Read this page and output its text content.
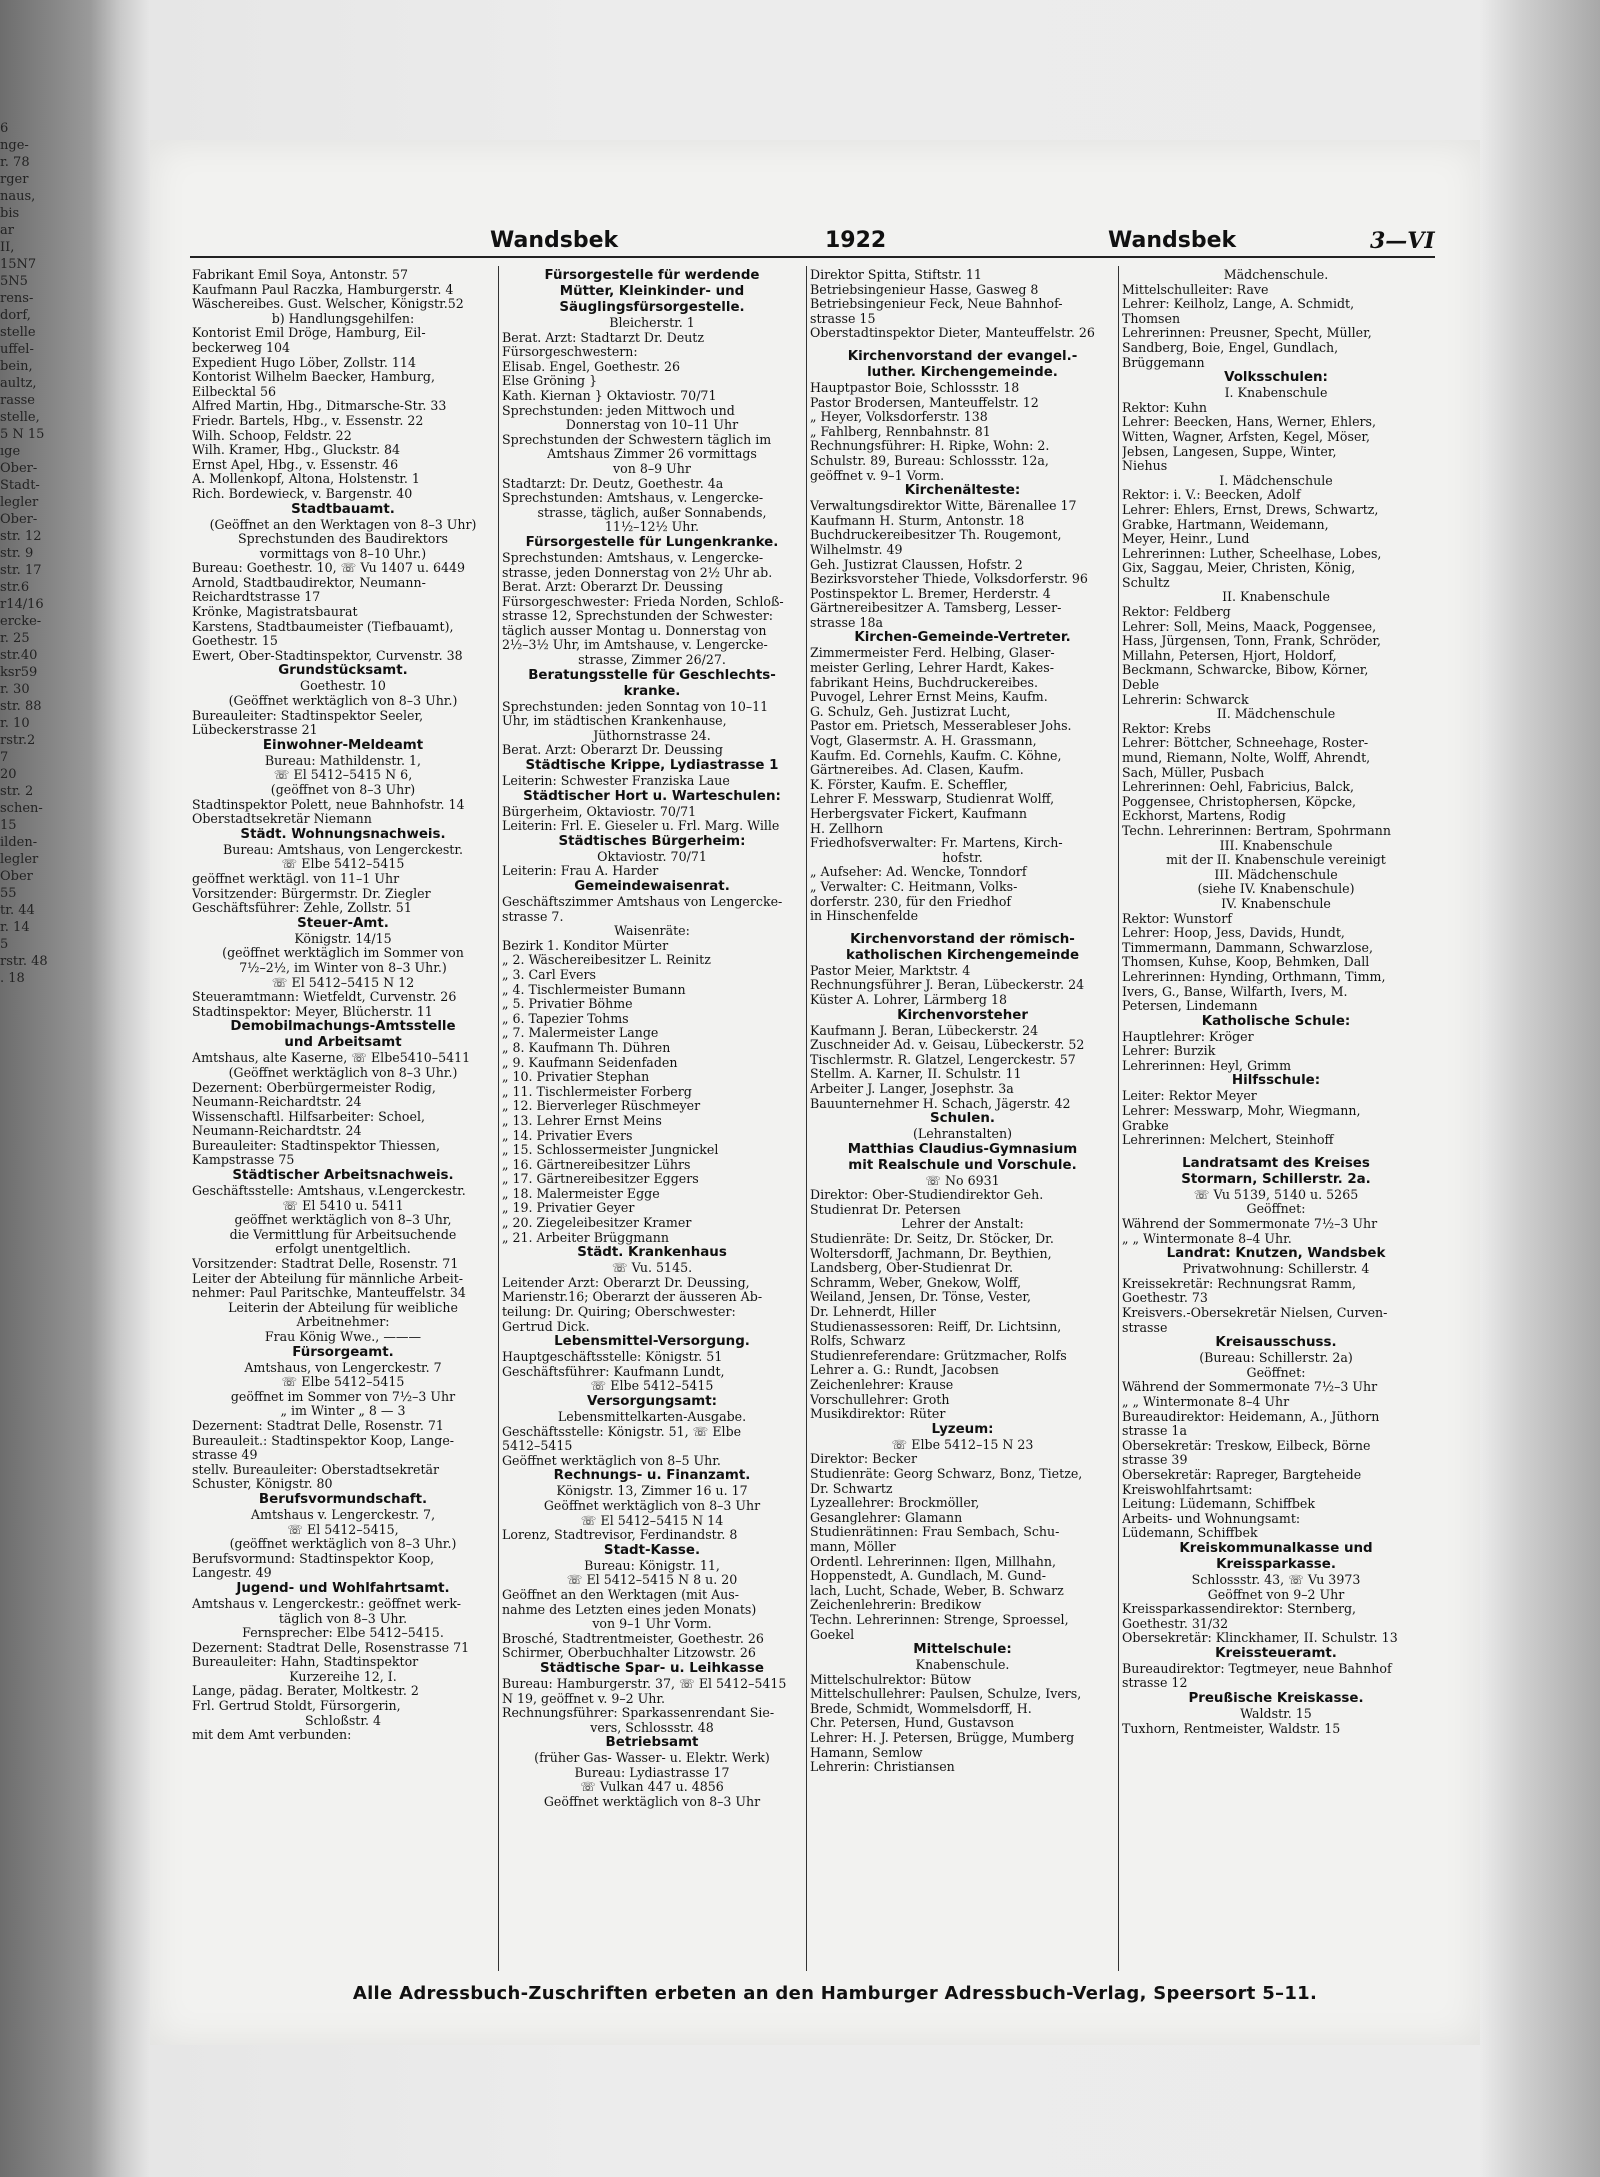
6
nge-
r. 78
rger
naus,
bis
ar
II,
15N7
5N5
rens-
dorf,
stelle
uffel-
bein,
aultz,
rasse
stelle,
5 N 15
ıge
Ober-
Stadt-
legler
Ober-
str. 12
str. 9
str. 17
str.6
r14/16
ercke-
r. 25
str.40
ksr59
r. 30
str. 88
r. 10
rstr.2
7
20
str. 2
schen-
15
ilden-
legler
Ober
55
tr. 44
r. 14
5
rstr. 48
. 18
Wandsbek	1922	Wandsbek	3—VI
Fabrikant Emil Soya, Antonstr. 57
Kaufmann Paul Raczka, Hamburgerstr. 4
Wäschereibes. Gust. Welscher, Königstr.52
b) Handlungsgehilfen:
Kontorist Emil Dröge, Hamburg, Eil-
beckerweg 104
Expedient Hugo Löber, Zollstr. 114
Kontorist Wilhelm Baecker, Hamburg,
Eilbecktal 56
Alfred Martin, Hbg., Ditmarsche-Str. 33
Friedr. Bartels, Hbg., v. Essenstr. 22
Wilh. Schoop, Feldstr. 22
Wilh. Kramer, Hbg., Gluckstr. 84
Ernst Apel, Hbg., v. Essenstr. 46
A. Mollenkopf, Altona, Holstenstr. 1
Rich. Bordewieck, v. Bargenstr. 40
Stadtbauamt.
(Geöffnet an den Werktagen von 8–3 Uhr)
Sprechstunden des Baudirektors
vormittags von 8–10 Uhr.)
Bureau: Goethestr. 10, ☏ Vu 1407 u. 6449
Arnold, Stadtbaudirektor, Neumann-
Reichardtstrasse 17
Krönke, Magistratsbaurat
Karstens, Stadtbaumeister (Tiefbauamt),
Goethestr. 15
Ewert, Ober-Stadtinspektor, Curvenstr. 38
Grundstücksamt.
Goethestr. 10
(Geöffnet werktäglich von 8–3 Uhr.)
Bureauleiter: Stadtinspektor Seeler,
Lübeckerstrasse 21
Einwohner-Meldeamt
Bureau: Mathildenstr. 1,
☏ El 5412–5415 N 6,
(geöffnet von 8–3 Uhr)
Stadtinspektor Polett, neue Bahnhofstr. 14
Oberstadtsekretär Niemann
Städt. Wohnungsnachweis.
Bureau: Amtshaus, von Lengerckestr.
☏ Elbe 5412–5415
geöffnet werktägl. von 11–1 Uhr
Vorsitzender: Bürgermstr. Dr. Ziegler
Geschäftsführer: Zehle, Zollstr. 51
Steuer-Amt.
Königstr. 14/15
(geöffnet werktäglich im Sommer von
7½–2½, im Winter von 8–3 Uhr.)
☏ El 5412–5415 N 12
Steueramtmann: Wietfeldt, Curvenstr. 26
Stadtinspektor: Meyer, Blücherstr. 11
Demobilmachungs-Amtsstelle
und Arbeitsamt
Amtshaus, alte Kaserne, ☏ Elbe5410–5411
(Geöffnet werktäglich von 8–3 Uhr.)
Dezernent: Oberbürgermeister Rodig,
Neumann-Reichardtstr. 24
Wissenschaftl. Hilfsarbeiter: Schoel,
Neumann-Reichardtstr. 24
Bureauleiter: Stadtinspektor Thiessen,
Kampstrasse 75
Städtischer Arbeitsnachweis.
Geschäftsstelle: Amtshaus, v.Lengerckestr.
☏ El 5410 u. 5411
geöffnet werktäglich von 8–3 Uhr,
die Vermittlung für Arbeitsuchende
erfolgt unentgeltlich.
Vorsitzender: Stadtrat Delle, Rosenstr. 71
Leiter der Abteilung für männliche Arbeit-
nehmer: Paul Paritschke, Manteuffelstr. 34
Leiterin der Abteilung für weibliche
Arbeitnehmer:
Frau König Wwe., ———
Fürsorgeamt.
Amtshaus, von Lengerckestr. 7
☏ Elbe 5412–5415
geöffnet im Sommer von 7½–3 Uhr
„ im Winter „ 8 — 3
Dezernent: Stadtrat Delle, Rosenstr. 71
Bureauleit.: Stadtinspektor Koop, Lange-
strasse 49
stellv. Bureauleiter: Oberstadtsekretär
Schuster, Königstr. 80
Berufsvormundschaft.
Amtshaus v. Lengerckestr. 7,
☏ El 5412–5415,
(geöffnet werktäglich von 8–3 Uhr.)
Berufsvormund: Stadtinspektor Koop,
Langestr. 49
Jugend- und Wohlfahrtsamt.
Amtshaus v. Lengerckestr.: geöffnet werk-
täglich von 8–3 Uhr.
Fernsprecher: Elbe 5412–5415.
Dezernent: Stadtrat Delle, Rosenstrasse 71
Bureauleiter: Hahn, Stadtinspektor
Kurzereihe 12, I.
Lange, pädag. Berater, Moltkestr. 2
Frl. Gertrud Stoldt, Fürsorgerin,
Schloßstr. 4
mit dem Amt verbunden:
Fürsorgestelle für werdende
Mütter, Kleinkinder- und
Säuglingsfürsorgestelle.
Bleicherstr. 1
Berat. Arzt: Stadtarzt Dr. Deutz
Fürsorgeschwestern:
Elisab. Engel, Goethestr. 26
Else Gröning }
Kath. Kiernan } Oktaviostr. 70/71
Sprechstunden: jeden Mittwoch und
Donnerstag von 10–11 Uhr
Sprechstunden der Schwestern täglich im
Amtshaus Zimmer 26 vormittags
von 8–9 Uhr
Stadtarzt: Dr. Deutz, Goethestr. 4a
Sprechstunden: Amtshaus, v. Lengercke-
strasse, täglich, außer Sonnabends,
11½–12½ Uhr.
Fürsorgestelle für Lungenkranke.
Sprechstunden: Amtshaus, v. Lengercke-
strasse, jeden Donnerstag von 2½ Uhr ab.
Berat. Arzt: Oberarzt Dr. Deussing
Fürsorgeschwester: Frieda Norden, Schloß-
strasse 12, Sprechstunden der Schwester:
täglich ausser Montag u. Donnerstag von
2½–3½ Uhr, im Amtshause, v. Lengercke-
strasse, Zimmer 26/27.
Beratungsstelle für Geschlechts-
kranke.
Sprechstunden: jeden Sonntag von 10–11
Uhr, im städtischen Krankenhause,
Jüthornstrasse 24.
Berat. Arzt: Oberarzt Dr. Deussing
Städtische Krippe, Lydiastrasse 1
Leiterin: Schwester Franziska Laue
Städtischer Hort u. Warteschulen:
Bürgerheim, Oktaviostr. 70/71
Leiterin: Frl. E. Gieseler u. Frl. Marg. Wille
Städtisches Bürgerheim:
Oktaviostr. 70/71
Leiterin: Frau A. Harder
Gemeindewaisenrat.
Geschäftszimmer Amtshaus von Lengercke-
strasse 7.
Waisenräte:
Bezirk 1. Konditor Mürter
„ 2. Wäschereibesitzer L. Reinitz
„ 3. Carl Evers
„ 4. Tischlermeister Bumann
„ 5. Privatier Böhme
„ 6. Tapezier Tohms
„ 7. Malermeister Lange
„ 8. Kaufmann Th. Dühren
„ 9. Kaufmann Seidenfaden
„ 10. Privatier Stephan
„ 11. Tischlermeister Forberg
„ 12. Bierverleger Rüschmeyer
„ 13. Lehrer Ernst Meins
„ 14. Privatier Evers
„ 15. Schlossermeister Jungnickel
„ 16. Gärtnereibesitzer Lührs
„ 17. Gärtnereibesitzer Eggers
„ 18. Malermeister Egge
„ 19. Privatier Geyer
„ 20. Ziegeleibesitzer Kramer
„ 21. Arbeiter Brüggmann
Städt. Krankenhaus
☏ Vu. 5145.
Leitender Arzt: Oberarzt Dr. Deussing,
Marienstr.16; Oberarzt der äusseren Ab-
teilung: Dr. Quiring; Oberschwester:
Gertrud Dick.
Lebensmittel-Versorgung.
Hauptgeschäftsstelle: Königstr. 51
Geschäftsführer: Kaufmann Lundt,
☏ Elbe 5412–5415
Versorgungsamt:
Lebensmittelkarten-Ausgabe.
Geschäftsstelle: Königstr. 51, ☏ Elbe
5412–5415
Geöffnet werktäglich von 8–5 Uhr.
Rechnungs- u. Finanzamt.
Königstr. 13, Zimmer 16 u. 17
Geöffnet werktäglich von 8–3 Uhr
☏ El 5412–5415 N 14
Lorenz, Stadtrevisor, Ferdinandstr. 8
Stadt-Kasse.
Bureau: Königstr. 11,
☏ El 5412–5415 N 8 u. 20
Geöffnet an den Werktagen (mit Aus-
nahme des Letzten eines jeden Monats)
von 9–1 Uhr Vorm.
Brosché, Stadtrentmeister, Goethestr. 26
Schirmer, Oberbuchhalter Litzowstr. 26
Städtische Spar- u. Leihkasse
Bureau: Hamburgerstr. 37, ☏ El 5412–5415
N 19, geöffnet v. 9–2 Uhr.
Rechnungsführer: Sparkassenrendant Sie-
vers, Schlossstr. 48
Betriebsamt
(früher Gas- Wasser- u. Elektr. Werk)
Bureau: Lydiastrasse 17
☏ Vulkan 447 u. 4856
Geöffnet werktäglich von 8–3 Uhr
Direktor Spitta, Stiftstr. 11
Betriebsingenieur Hasse, Gasweg 8
Betriebsingenieur Feck, Neue Bahnhof-
strasse 15
Oberstadtinspektor Dieter, Manteuffelstr. 26
Kirchenvorstand der evangel.-
luther. Kirchengemeinde.
Hauptpastor Boie, Schlossstr. 18
Pastor Brodersen, Manteuffelstr. 12
„ Heyer, Volksdorferstr. 138
„ Fahlberg, Rennbahnstr. 81
Rechnungsführer: H. Ripke, Wohn: 2.
Schulstr. 89, Bureau: Schlossstr. 12a,
geöffnet v. 9–1 Vorm.
Kirchenälteste:
Verwaltungsdirektor Witte, Bärenallee 17
Kaufmann H. Sturm, Antonstr. 18
Buchdruckereibesitzer Th. Rougemont,
Wilhelmstr. 49
Geh. Justizrat Claussen, Hofstr. 2
Bezirksvorsteher Thiede, Volksdorferstr. 96
Postinspektor L. Bremer, Herderstr. 4
Gärtnereibesitzer A. Tamsberg, Lesser-
strasse 18a
Kirchen-Gemeinde-Vertreter.
Zimmermeister Ferd. Helbing, Glaser-
meister Gerling, Lehrer Hardt, Kakes-
fabrikant Heins, Buchdruckereibes.
Puvogel, Lehrer Ernst Meins, Kaufm.
G. Schulz, Geh. Justizrat Lucht,
Pastor em. Prietsch, Messerableser Johs.
Vogt, Glasermstr. A. H. Grassmann,
Kaufm. Ed. Cornehls, Kaufm. C. Köhne,
Gärtnereibes. Ad. Clasen, Kaufm.
K. Förster, Kaufm. E. Scheffler,
Lehrer F. Messwarp, Studienrat Wolff,
Herbergsvater Fickert, Kaufmann
H. Zellhorn
Friedhofsverwalter: Fr. Martens, Kirch-
hofstr.
„ Aufseher: Ad. Wencke, Tonndorf
„ Verwalter: C. Heitmann, Volks-
dorferstr. 230, für den Friedhof
in Hinschenfelde
Kirchenvorstand der römisch-
katholischen Kirchengemeinde
Pastor Meier, Marktstr. 4
Rechnungsführer J. Beran, Lübeckerstr. 24
Küster A. Lohrer, Lärmberg 18
Kirchenvorsteher
Kaufmann J. Beran, Lübeckerstr. 24
Zuschneider Ad. v. Geisau, Lübeckerstr. 52
Tischlermstr. R. Glatzel, Lengerckestr. 57
Stellm. A. Karner, II. Schulstr. 11
Arbeiter J. Langer, Josephstr. 3a
Bauunternehmer H. Schach, Jägerstr. 42
Schulen.
(Lehranstalten)
Matthias Claudius-Gymnasium
mit Realschule und Vorschule.
☏ No 6931
Direktor: Ober-Studiendirektor Geh.
Studienrat Dr. Petersen
Lehrer der Anstalt:
Studienräte: Dr. Seitz, Dr. Stöcker, Dr.
Woltersdorff, Jachmann, Dr. Beythien,
Landsberg, Ober-Studienrat Dr.
Schramm, Weber, Gnekow, Wolff,
Weiland, Jensen, Dr. Tönse, Vester,
Dr. Lehnerdt, Hiller
Studienassessoren: Reiff, Dr. Lichtsinn,
Rolfs, Schwarz
Studienreferendare: Grützmacher, Rolfs
Lehrer a. G.: Rundt, Jacobsen
Zeichenlehrer: Krause
Vorschullehrer: Groth
Musikdirektor: Rüter
Lyzeum:
☏ Elbe 5412–15 N 23
Direktor: Becker
Studienräte: Georg Schwarz, Bonz, Tietze,
Dr. Schwartz
Lyzeallehrer: Brockmöller,
Gesanglehrer: Glamann
Studienrätinnen: Frau Sembach, Schu-
mann, Möller
Ordentl. Lehrerinnen: Ilgen, Millhahn,
Hoppenstedt, A. Gundlach, M. Gund-
lach, Lucht, Schade, Weber, B. Schwarz
Zeichenlehrerin: Bredikow
Techn. Lehrerinnen: Strenge, Sproessel,
Goekel
Mittelschule:
Knabenschule.
Mittelschulrektor: Bütow
Mittelschullehrer: Paulsen, Schulze, Ivers,
Brede, Schmidt, Wommelsdorff, H.
Chr. Petersen, Hund, Gustavson
Lehrer: H. J. Petersen, Brügge, Mumberg
Hamann, Semlow
Lehrerin: Christiansen
Mädchenschule.
Mittelschulleiter: Rave
Lehrer: Keilholz, Lange, A. Schmidt,
Thomsen
Lehrerinnen: Preusner, Specht, Müller,
Sandberg, Boie, Engel, Gundlach,
Brüggemann
Volksschulen:
I. Knabenschule
Rektor: Kuhn
Lehrer: Beecken, Hans, Werner, Ehlers,
Witten, Wagner, Arfsten, Kegel, Möser,
Jebsen, Langesen, Suppe, Winter,
Niehus
I. Mädchenschule
Rektor: i. V.: Beecken, Adolf
Lehrer: Ehlers, Ernst, Drews, Schwartz,
Grabke, Hartmann, Weidemann,
Meyer, Heinr., Lund
Lehrerinnen: Luther, Scheelhase, Lobes,
Gix, Saggau, Meier, Christen, König,
Schultz
II. Knabenschule
Rektor: Feldberg
Lehrer: Soll, Meins, Maack, Poggensee,
Hass, Jürgensen, Tonn, Frank, Schröder,
Millahn, Petersen, Hjort, Holdorf,
Beckmann, Schwarcke, Bibow, Körner,
Deble
Lehrerin: Schwarck
II. Mädchenschule
Rektor: Krebs
Lehrer: Böttcher, Schneehage, Roster-
mund, Riemann, Nolte, Wolff, Ahrendt,
Sach, Müller, Pusbach
Lehrerinnen: Oehl, Fabricius, Balck,
Poggensee, Christophersen, Köpcke,
Eckhorst, Martens, Rodig
Techn. Lehrerinnen: Bertram, Spohrmann
III. Knabenschule
mit der II. Knabenschule vereinigt
III. Mädchenschule
(siehe IV. Knabenschule)
IV. Knabenschule
Rektor: Wunstorf
Lehrer: Hoop, Jess, Davids, Hundt,
Timmermann, Dammann, Schwarzlose,
Thomsen, Kuhse, Koop, Behmken, Dall
Lehrerinnen: Hynding, Orthmann, Timm,
Ivers, G., Banse, Wilfarth, Ivers, M.
Petersen, Lindemann
Katholische Schule:
Hauptlehrer: Kröger
Lehrer: Burzik
Lehrerinnen: Heyl, Grimm
Hilfsschule:
Leiter: Rektor Meyer
Lehrer: Messwarp, Mohr, Wiegmann,
Grabke
Lehrerinnen: Melchert, Steinhoff
Landratsamt des Kreises
Stormarn, Schillerstr. 2a.
☏ Vu 5139, 5140 u. 5265
Geöffnet:
Während der Sommermonate 7½–3 Uhr
„ „ Wintermonate 8–4 Uhr.
Landrat: Knutzen, Wandsbek
Privatwohnung: Schillerstr. 4
Kreissekretär: Rechnungsrat Ramm,
Goethestr. 73
Kreisvers.-Obersekretär Nielsen, Curven-
strasse
Kreisausschuss.
(Bureau: Schillerstr. 2a)
Geöffnet:
Während der Sommermonate 7½–3 Uhr
„ „ Wintermonate 8–4 Uhr
Bureaudirektor: Heidemann, A., Jüthorn
strasse 1a
Obersekretär: Treskow, Eilbeck, Börne
strasse 39
Obersekretär: Rapreger, Bargteheide
Kreiswohlfahrtsamt:
Leitung: Lüdemann, Schiffbek
Arbeits- und Wohnungsamt:
Lüdemann, Schiffbek
Kreiskommunalkasse und
Kreissparkasse.
Schlossstr. 43, ☏ Vu 3973
Geöffnet von 9–2 Uhr
Kreissparkassendirektor: Sternberg,
Goethestr. 31/32
Obersekretär: Klinckhamer, II. Schulstr. 13
Kreissteueramt.
Bureaudirektor: Tegtmeyer, neue Bahnhof
strasse 12
Preußische Kreiskasse.
Waldstr. 15
Tuxhorn, Rentmeister, Waldstr. 15
Alle Adressbuch-Zuschriften erbeten an den Hamburger Adressbuch-Verlag, Speersort 5–11.
